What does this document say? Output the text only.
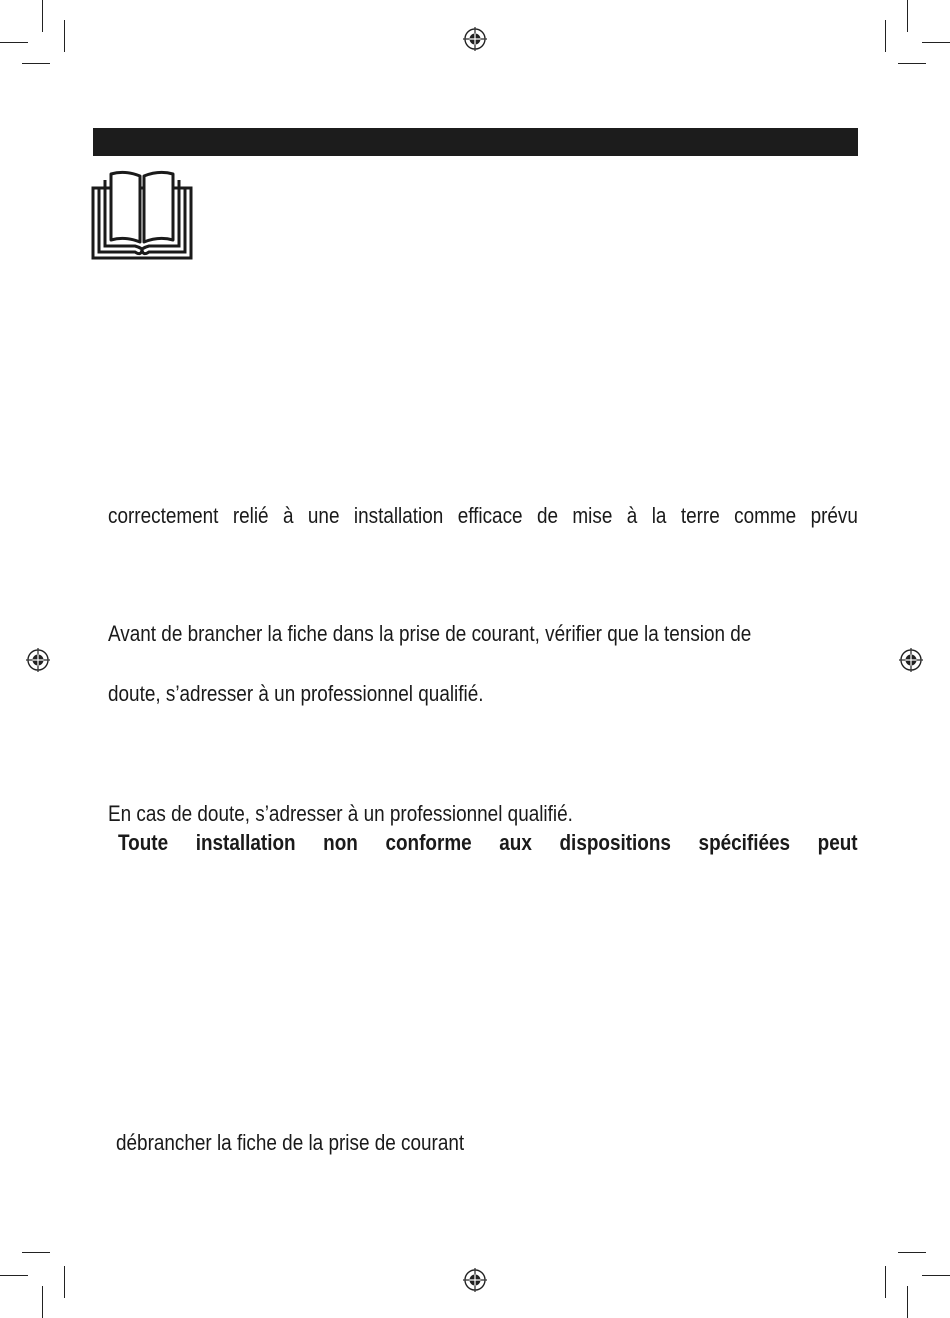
correctement relié à une installation efficace de mise à la terre comme prévu
Avant de brancher la fiche dans la prise de courant, vérifier que la tension de
doute, s’adresser à un professionnel qualifié.
En cas de doute, s’adresser à un professionnel qualifié.
Toute installation non conforme aux dispositions spécifiées peut
débrancher la fiche de la prise de courant
